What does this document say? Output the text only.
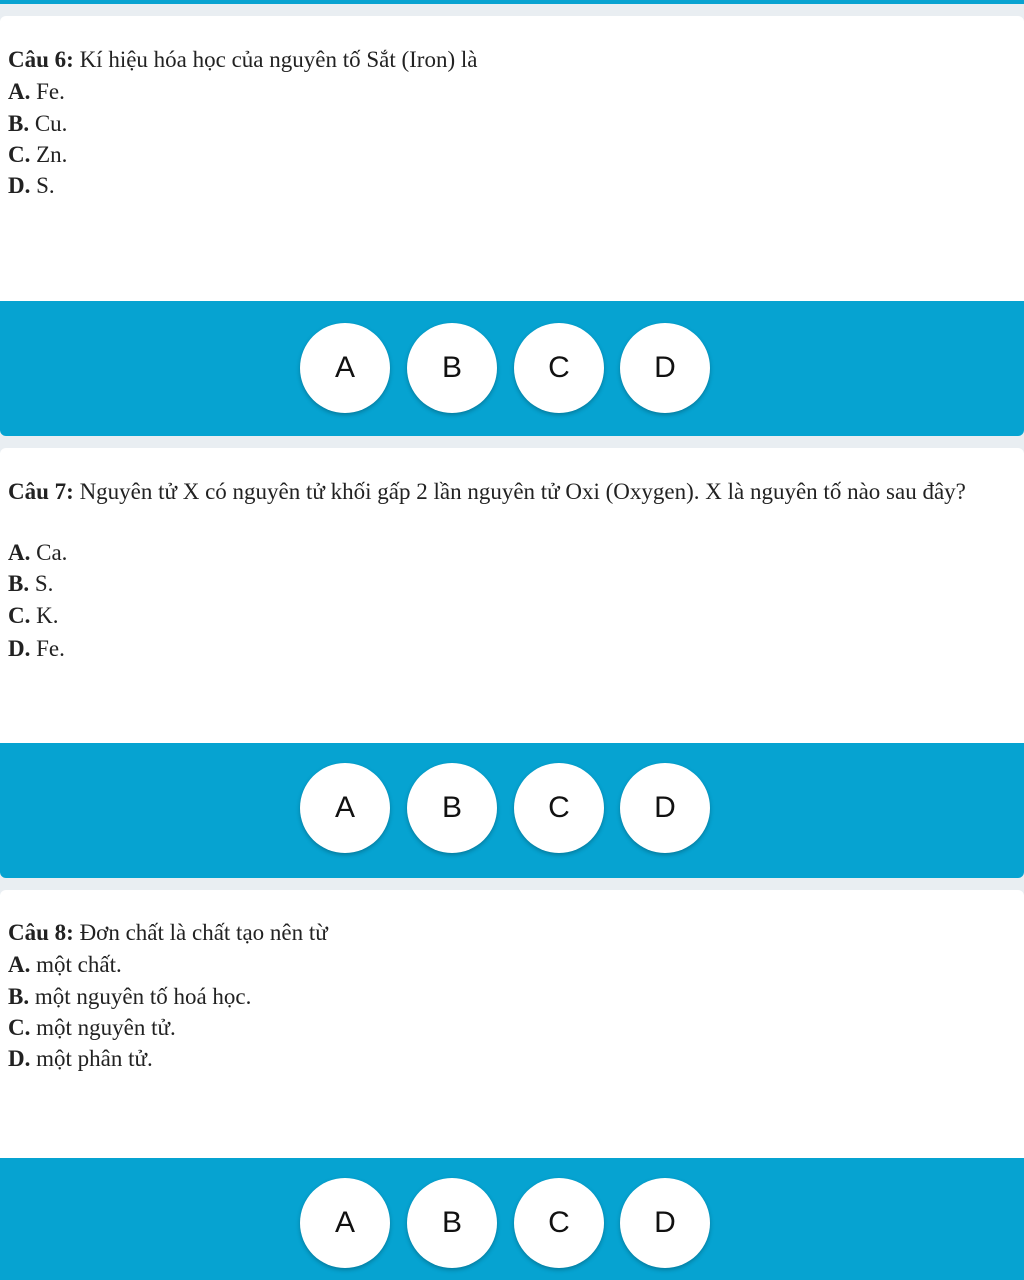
Câu 6: Kí hiệu hóa học của nguyên tố Sắt (Iron) là
A. Fe.
B. Cu.
C. Zn.
D. S.
A	B	C	D
Câu 7: Nguyên tử X có nguyên tử khối gấp 2 lần nguyên tử Oxi (Oxygen). X là nguyên tố nào sau đây?
A. Ca.
B. S.
C. K.
D. Fe.
A	B	C	D
Câu 8: Đơn chất là chất tạo nên từ
A. một chất.
B. một nguyên tố hoá học.
C. một nguyên tử.
D. một phân tử.
A	B	C	D
